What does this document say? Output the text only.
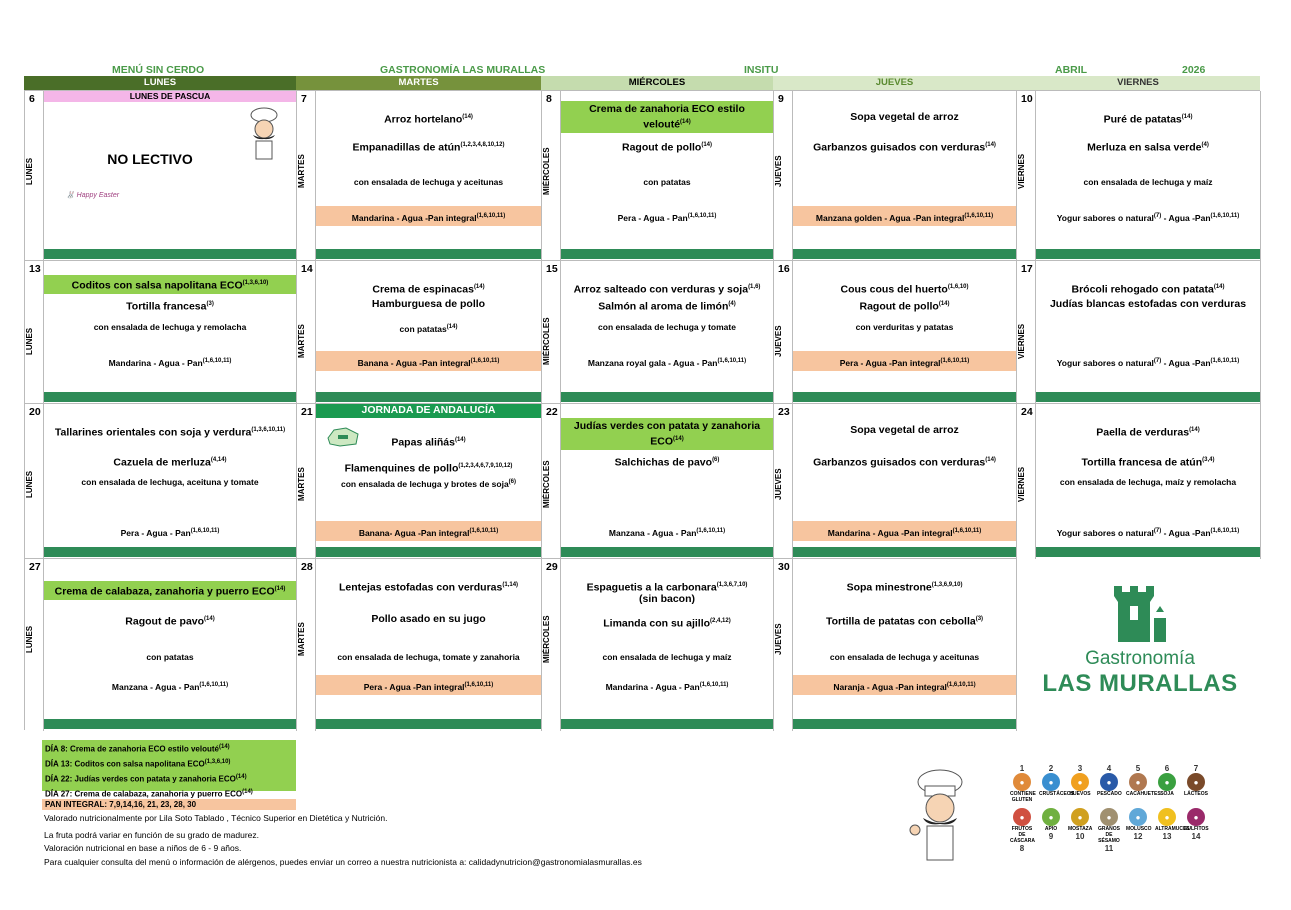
MENÚ SIN CERDO	GASTRONOMÍA LAS MURALLAS	INSITU	ABRIL	2026
LUNES	MARTES	MIÉRCOLES	JUEVES	VIERNES
6
LUNES
LUNES DE PASCUA
NO LECTIVO
🐰 Happy Easter
7
MARTES
Arroz hortelano$^{(14)}$
Empanadillas de atún$^{(1,2,3,4,8,10,12)}$
con ensalada de lechuga y aceitunas
Mandarina - Agua -Pan integral$^{(1,6,10,11)}$
8
MIÉRCOLES
Crema de zanahoria ECO estilo velouté$^{(14)}$
Ragout de pollo$^{(14)}$
con patatas
Pera - Agua - Pan$^{(1,6,10,11)}$
9
JUEVES
Sopa vegetal de arroz
Garbanzos guisados con verduras$^{(14)}$
Manzana golden - Agua -Pan integral$^{(1,6,10,11)}$
10
VIERNES
Puré de patatas$^{(14)}$
Merluza en salsa verde$^{(4)}$
con ensalada de lechuga y maíz
Yogur sabores o natural$^{(7)}$ - Agua -Pan$^{(1,6,10,11)}$
13
LUNES
Coditos con salsa napolitana ECO$^{(1,3,6,10)}$
Tortilla francesa$^{(3)}$
con ensalada de lechuga y remolacha
Mandarina - Agua - Pan$^{(1,6,10,11)}$
14
MARTES
Crema de espinacas$^{(14)}$
Hamburguesa de pollo
con patatas$^{(14)}$
Banana - Agua -Pan integral$^{(1,6,10,11)}$
15
MIÉRCOLES
Arroz salteado con verduras y soja$^{(1,6)}$
Salmón al aroma de limón$^{(4)}$
con ensalada de lechuga y tomate
Manzana royal gala - Agua - Pan$^{(1,6,10,11)}$
16
JUEVES
Cous cous del huerto$^{(1,6,10)}$
Ragout de pollo$^{(14)}$
con verduritas y patatas
Pera - Agua -Pan integral$^{(1,6,10,11)}$
17
VIERNES
Brócoli rehogado con patata$^{(14)}$
Judías blancas estofadas con verduras
Yogur sabores o natural$^{(7)}$ - Agua -Pan$^{(1,6,10,11)}$
20
LUNES
Tallarines orientales con soja y verdura$^{(1,3,6,10,11)}$
Cazuela de merluza$^{(4,14)}$
con ensalada de lechuga, aceituna y tomate
Pera - Agua - Pan$^{(1,6,10,11)}$
21
MARTES
JORNADA DE ANDALUCÍA
Papas aliñás$^{(14)}$
Flamenquines de pollo$^{(1,2,3,4,6,7,9,10,12)}$
con ensalada de lechuga y brotes de soja$^{(6)}$
Banana- Agua -Pan integral$^{(1,6,10,11)}$
22
MIÉRCOLES
Judías verdes con patata y zanahoria ECO$^{(14)}$
Salchichas de pavo$^{(6)}$
Manzana - Agua - Pan$^{(1,6,10,11)}$
23
JUEVES
Sopa vegetal de arroz
Garbanzos guisados con verduras$^{(14)}$
Mandarina - Agua -Pan integral$^{(1,6,10,11)}$
24
VIERNES
Paella de verduras$^{(14)}$
Tortilla francesa de atún$^{(3,4)}$
con ensalada de lechuga, maíz y remolacha
Yogur sabores o natural$^{(7)}$ - Agua -Pan$^{(1,6,10,11)}$
27
LUNES
Crema de calabaza, zanahoria y puerro ECO$^{(14)}$
Ragout de pavo$^{(14)}$
con patatas
Manzana - Agua - Pan$^{(1,6,10,11)}$
28
MARTES
Lentejas estofadas con verduras$^{(1,14)}$
Pollo asado en su jugo
con ensalada de lechuga, tomate y zanahoria
Pera - Agua -Pan integral$^{(1,6,10,11)}$
29
MIÉRCOLES
Espaguetis a la carbonara$^{(1,3,6,7,10)}$
(sin bacon)
Limanda con su ajillo$^{(2,4,12)}$
con ensalada de lechuga y maíz
Mandarina - Agua - Pan$^{(1,6,10,11)}$
30
JUEVES
Sopa minestrone$^{(1,3,6,9,10)}$
Tortilla de patatas con cebolla$^{(3)}$
con ensalada de lechuga y aceitunas
Naranja - Agua -Pan integral$^{(1,6,10,11)}$
DÍA 8: Crema de zanahoria ECO estilo velouté$^{(14)}$
DÍA 13: Coditos con salsa napolitana ECO$^{(1,3,6,10)}$
DÍA 22: Judías verdes con patata y zanahoria ECO$^{(14)}$
DÍA 27: Crema de calabaza, zanahoria y puerro ECO$^{(14)}$
PAN INTEGRAL: 7,9,14,16, 21, 23, 28, 30
Valorado nutricionalmente por Lila Soto Tablado , Técnico Superior en Dietética y Nutrición.
La fruta podrá variar en función de su grado de madurez.
Valoración nutricional en base a niños de 6 - 9 años.
Para cualquier consulta del menú o información de alérgenos, puedes enviar un correo a nuestra nutricionista a: calidadynutricion@gastronomialasmurallas.es
Gastronomía
LAS MURALLAS
1
●
CONTIENE GLUTEN
2
●
CRUSTÁCEOS
3
●
HUEVOS
4
●
PESCADO
5
●
CACAHUETES
6
●
SOJA
7
●
LÁCTEOS
●
FRUTOS DE CÁSCARA
8
●
APIO
9
●
MOSTAZA
10
●
GRANOS DE SÉSAMO
11
●
MOLUSCO
12
●
ALTRAMUCES
13
●
SULFITOS
14
